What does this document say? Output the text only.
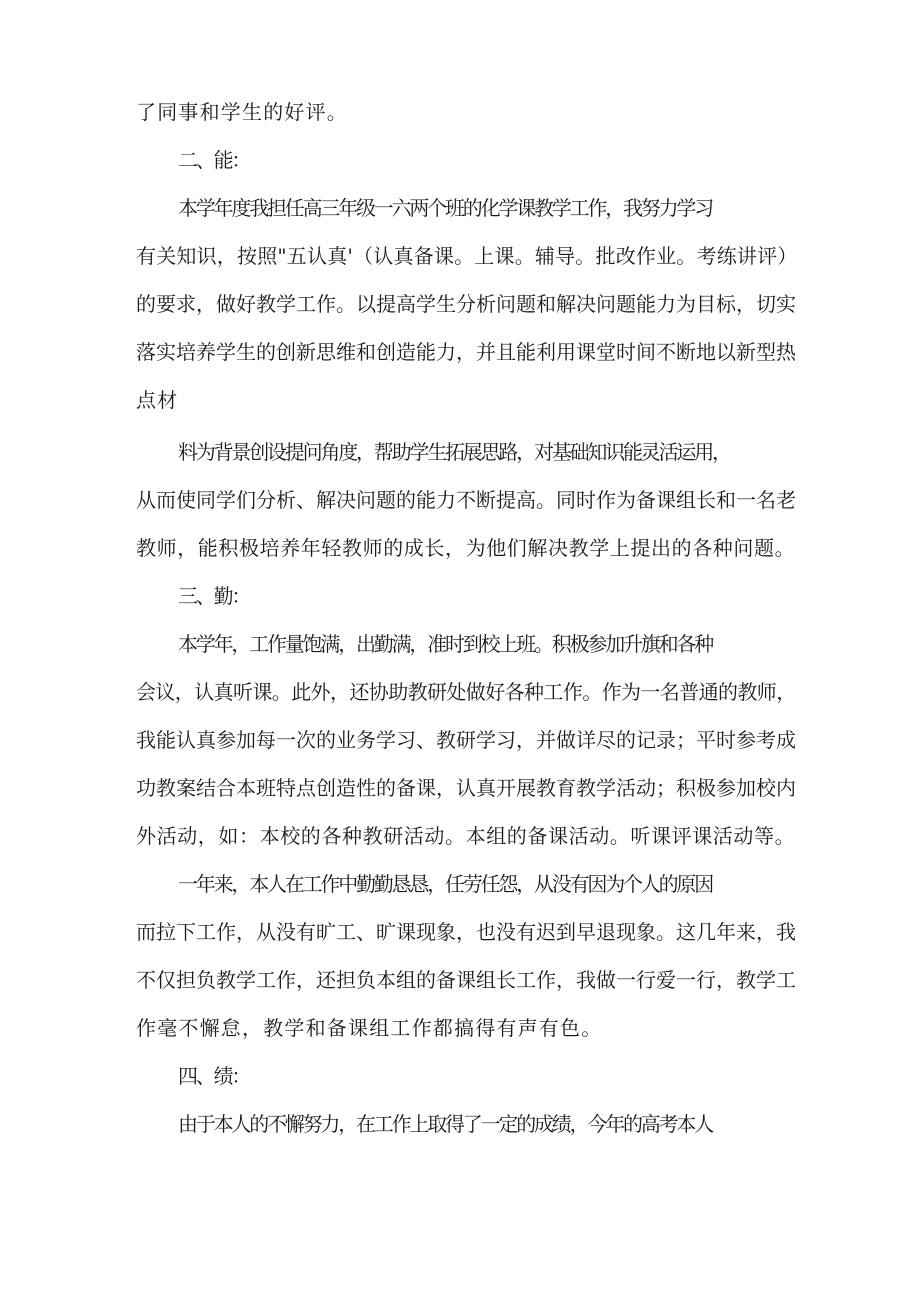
了同事和学生的好评。
二、能：
本学年度我担任高三年级一六两个班的化学课教学工作，我努力学习
有关知识，按照"五认真'（认真备课。上课。辅导。批改作业。考练讲评）
的要求，做好教学工作。以提高学生分析问题和解决问题能力为目标，切实
落实培养学生的创新思维和创造能力，并且能利用课堂时间不断地以新型热
点材
料为背景创设提问角度，帮助学生拓展思路，对基础知识能灵活运用，
从而使同学们分析、解决问题的能力不断提高。同时作为备课组长和一名老
教师，能积极培养年轻教师的成长，为他们解决教学上提出的各种问题。
三、勤：
本学年，工作量饱满，出勤满，准时到校上班。积极参加升旗和各种
会议，认真听课。此外，还协助教研处做好各种工作。作为一名普通的教师，
我能认真参加每一次的业务学习、教研学习，并做详尽的记录；平时参考成
功教案结合本班特点创造性的备课，认真开展教育教学活动；积极参加校内
外活动，如：本校的各种教研活动。本组的备课活动。听课评课活动等。
一年来，本人在工作中勤勤恳恳，任劳任怨，从没有因为个人的原因
而拉下工作，从没有旷工、旷课现象，也没有迟到早退现象。这几年来，我
不仅担负教学工作，还担负本组的备课组长工作，我做一行爱一行，教学工
作毫不懈怠，教学和备课组工作都搞得有声有色。
四、绩：
由于本人的不懈努力，在工作上取得了一定的成绩，今年的高考本人
